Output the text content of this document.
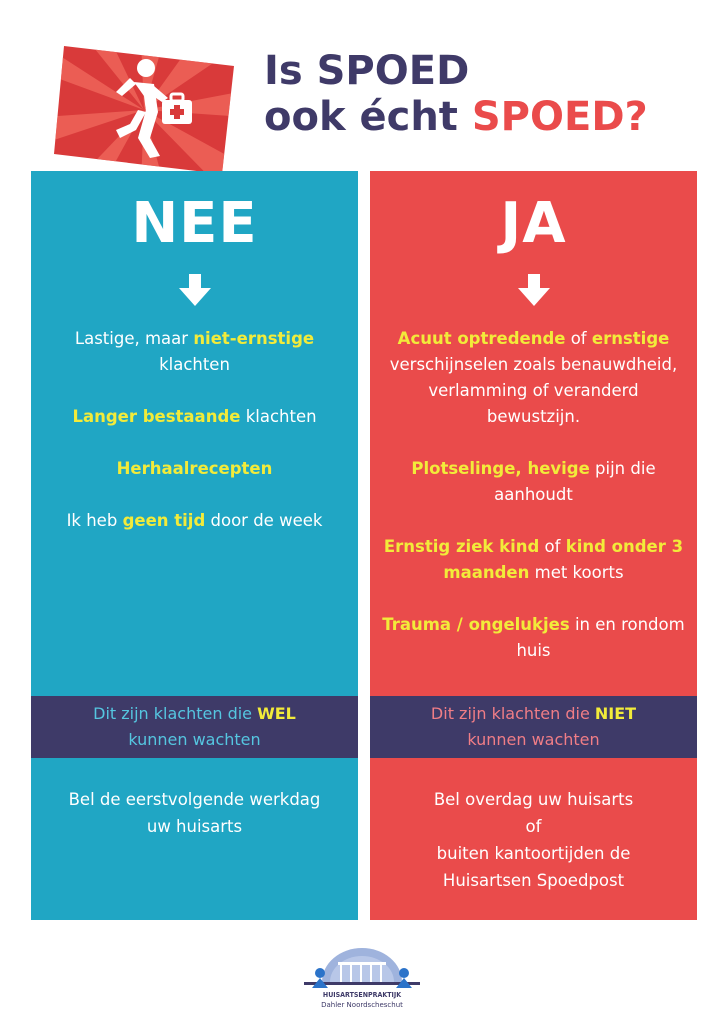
Is SPOED
ook écht SPOED?
NEE
Lastige, maar niet-ernstige klachten
Langer bestaande klachten
Herhaalrecepten
Ik heb geen tijd door de week
Dit zijn klachten die WEL
kunnen wachten
Bel de eerstvolgende werkdag
uw huisarts
JA
Acuut optredende of ernstige verschijnselen zoals benauwdheid, verlamming of veranderd bewustzijn.
Plotselinge, hevige pijn die aanhoudt
Ernstig ziek kind of kind onder 3 maanden met koorts
Trauma / ongelukjes in en rondom huis
Dit zijn klachten die NIET
kunnen wachten
Bel overdag uw huisarts
of
buiten kantoortijden de
Huisartsen Spoedpost
HUISARTSENPRAKTIJK
Dahler Noordscheschut
